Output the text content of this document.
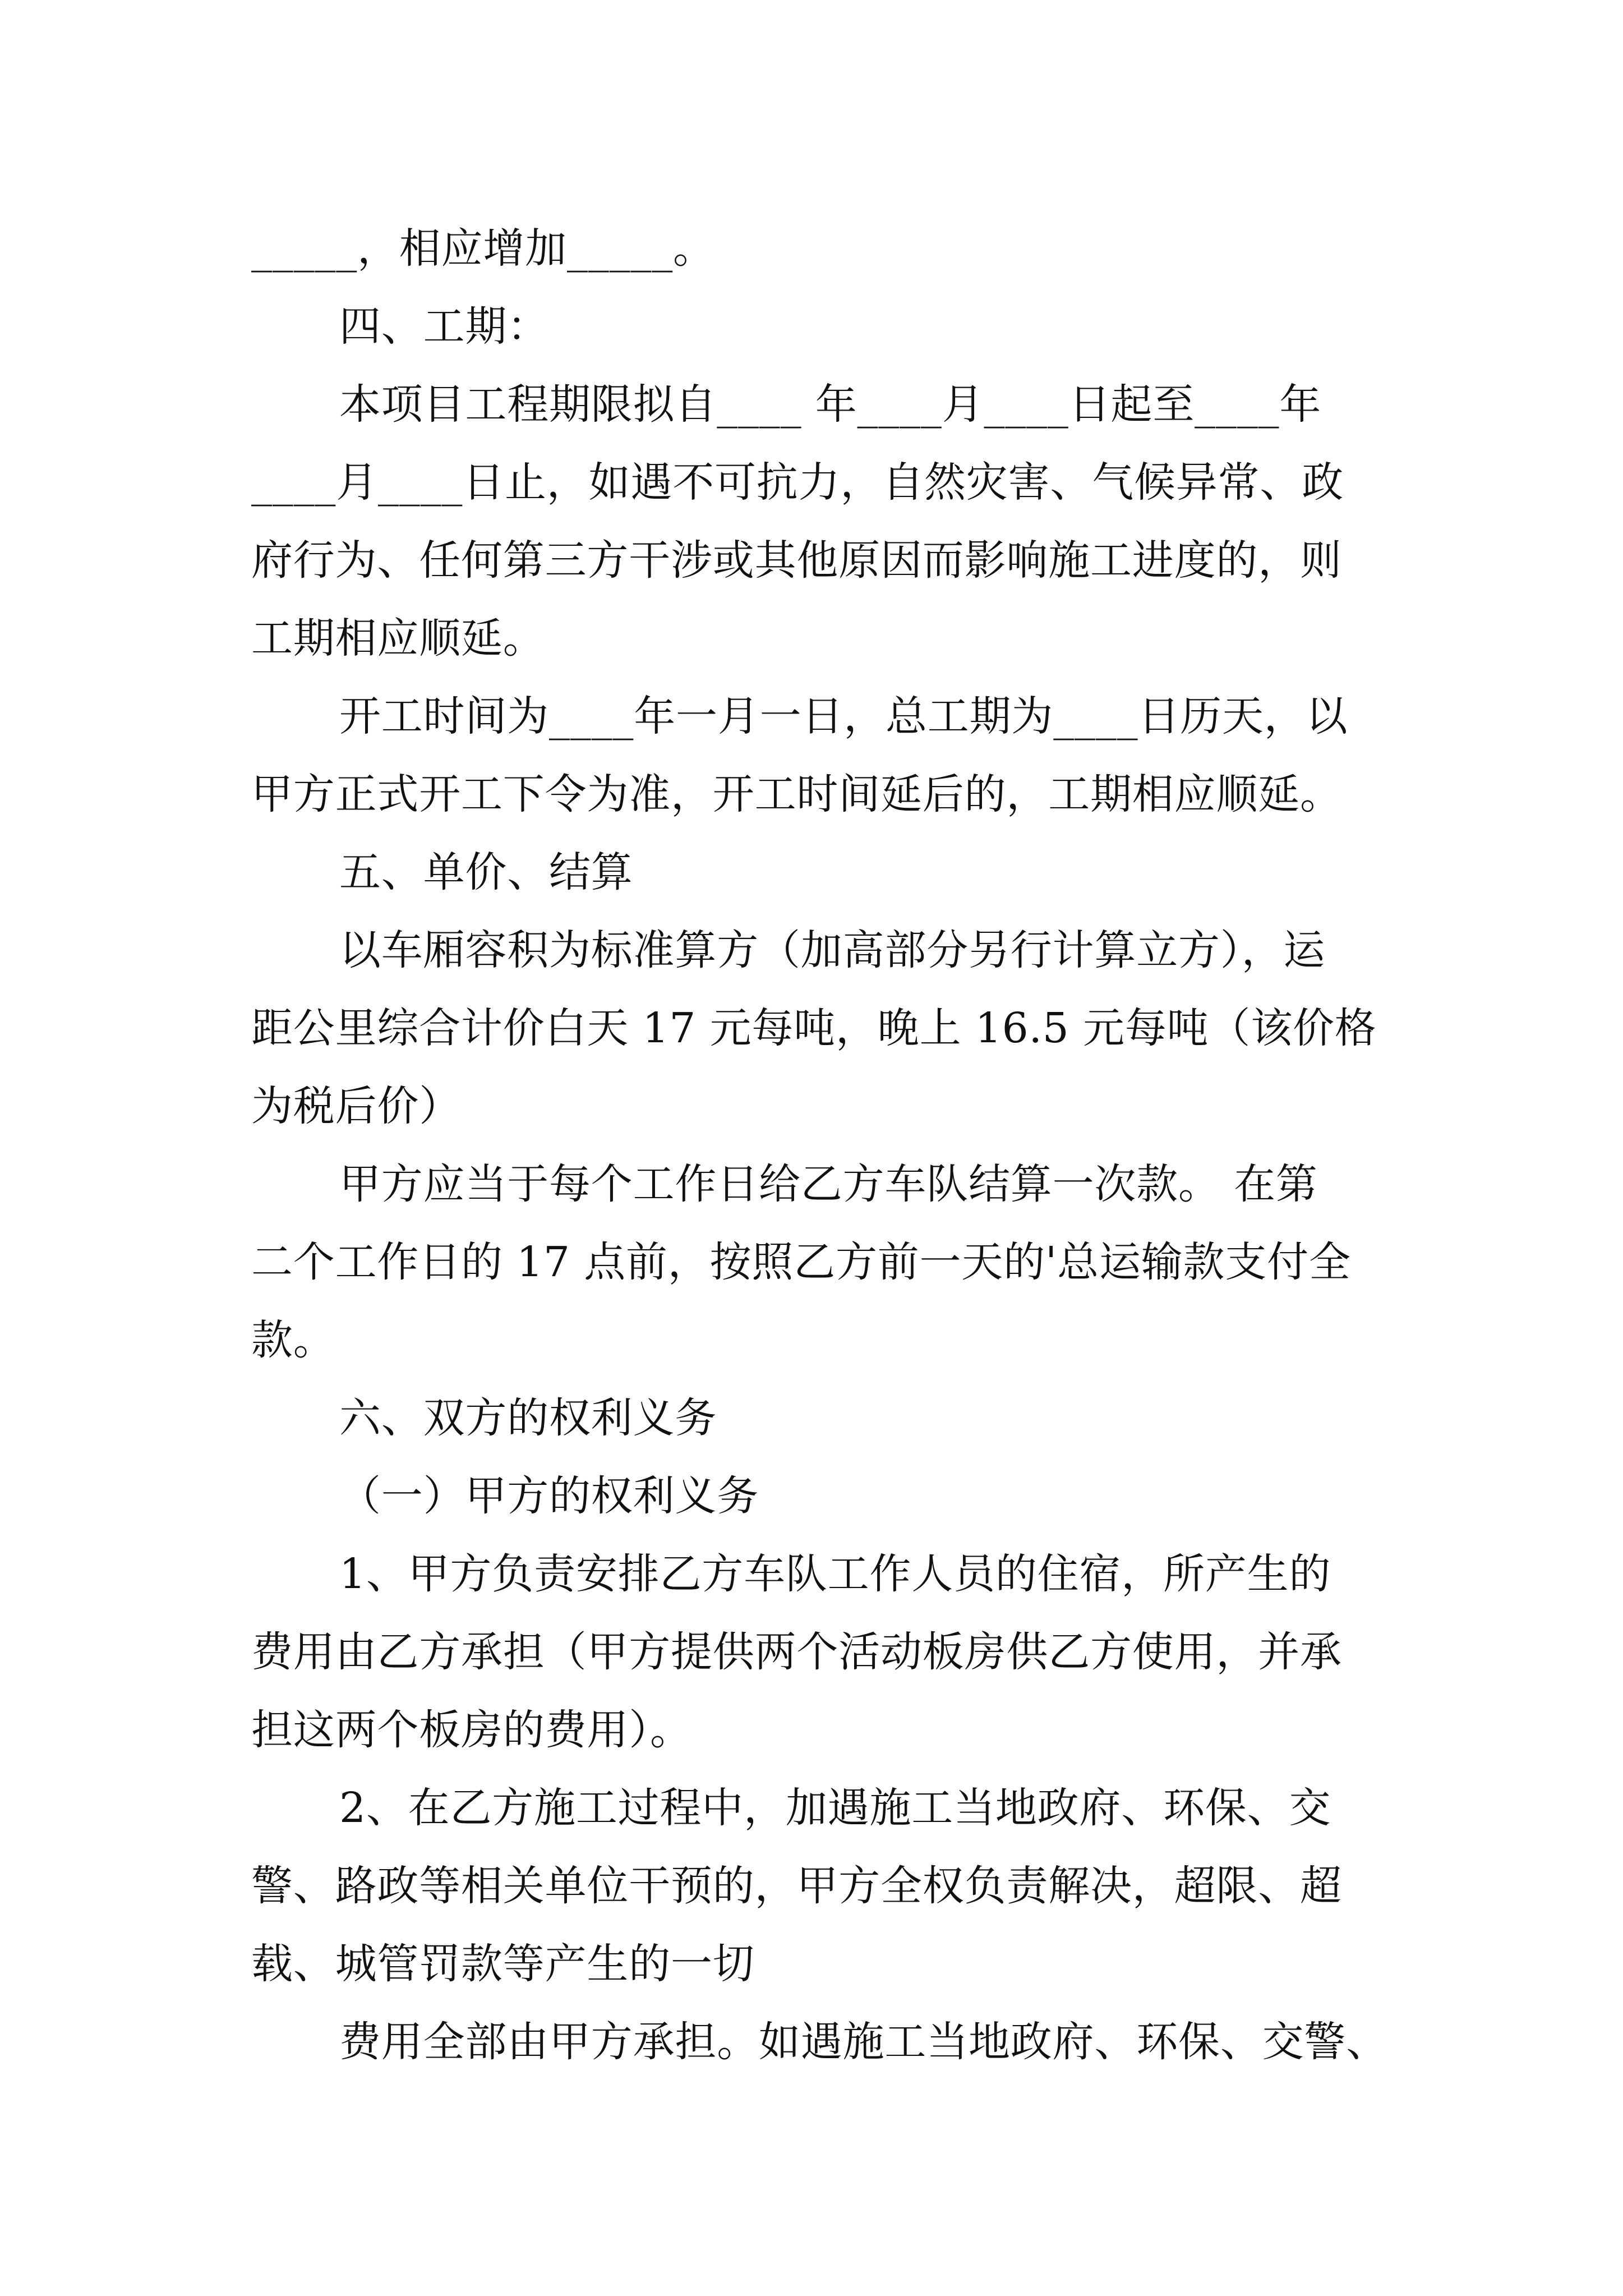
_____，相应增加_____。
四、工期：
本项目工程期限拟自____ 年____月____日起至____年
____月____日止，如遇不可抗力，自然灾害、气候异常、政
府行为、任何第三方干涉或其他原因而影响施工进度的，则
工期相应顺延。
开工时间为____年一月一日，总工期为____日历天，以
甲方正式开工下令为准，开工时间延后的，工期相应顺延。
五、单价、结算
以车厢容积为标准算方（加高部分另行计算立方），运
距公里综合计价白天 17 元每吨，晚上 16.5 元每吨（该价格
为税后价）
甲方应当于每个工作日给乙方车队结算一次款。 在第
二个工作日的 17 点前，按照乙方前一天的'总运输款支付全
款。
六、双方的权利义务
（一）甲方的权利义务
1、甲方负责安排乙方车队工作人员的住宿，所产生的
费用由乙方承担（甲方提供两个活动板房供乙方使用，并承
担这两个板房的费用）。
2、在乙方施工过程中，加遇施工当地政府、环保、交
警、路政等相关单位干预的，甲方全权负责解决，超限、超
载、城管罚款等产生的一切
费用全部由甲方承担。如遇施工当地政府、环保、交警、
